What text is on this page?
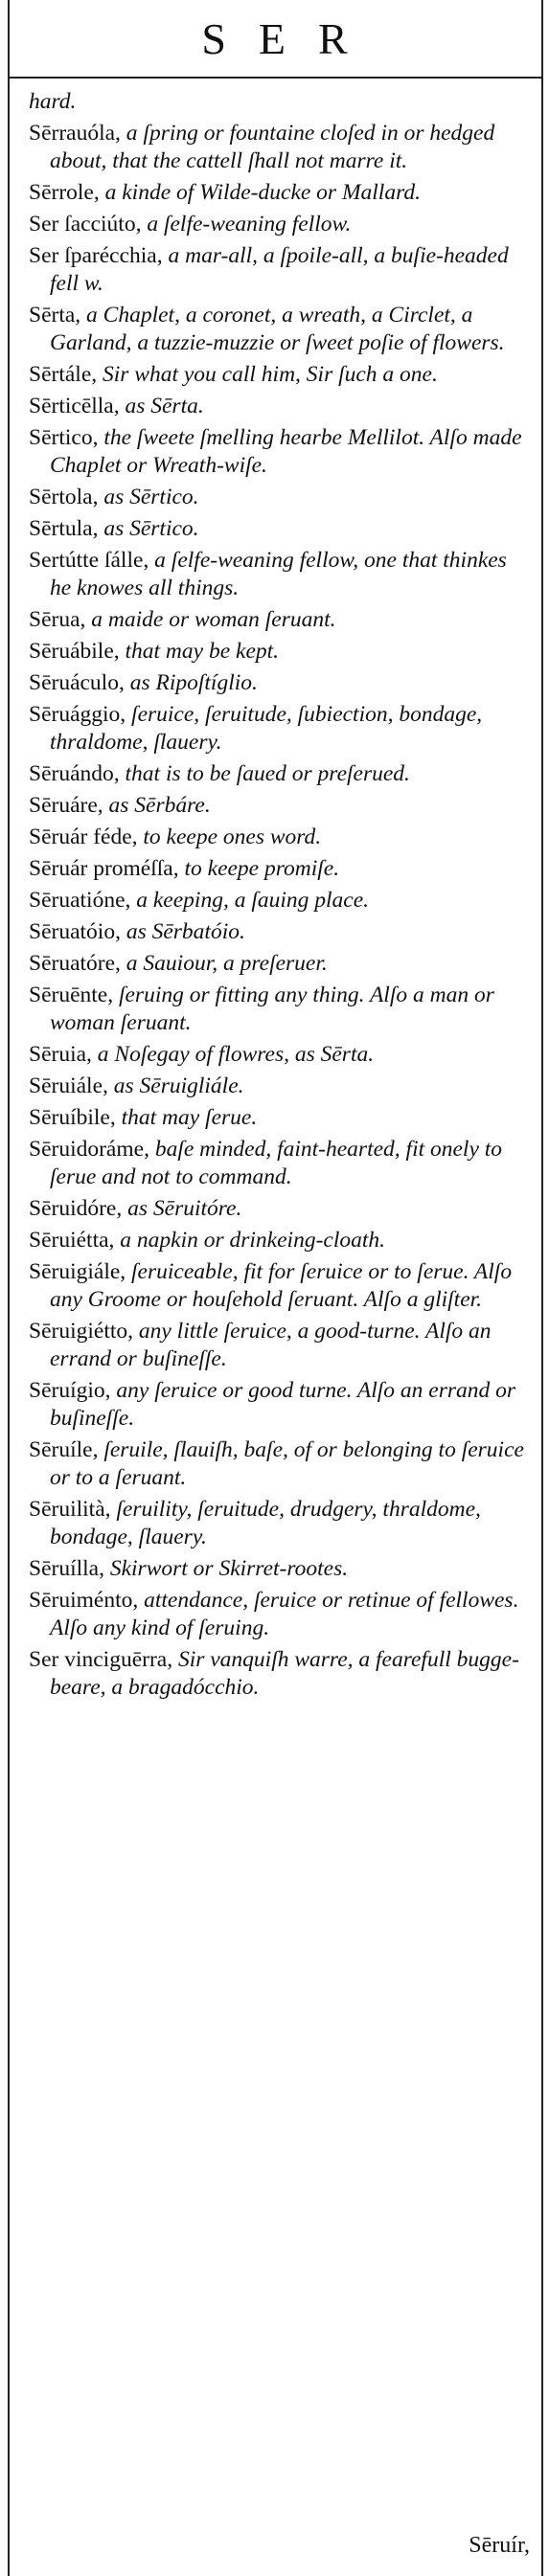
SER
hard.
Sērrauóla, a ſpring or fountaine cloſed in or hedged about, that the cattell ſhall not marre it.
Sērrole, a kinde of Wilde-ducke or Mallard.
Ser ſacciúto, a ſelfe-weaning fellow.
Ser ſparécchia, a mar-all, a ſpoile-all, a buſie-headed fell w.
Sērta, a Chaplet, a coronet, a wreath, a Circlet, a Garland, a tuzzie-muzzie or ſweet poſie of flowers.
Sērtále, Sir what you call him, Sir ſuch a one.
Sērticēlla, as Sērta.
Sērtico, the ſweete ſmelling hearbe Mellilot. Alſo made Chaplet or Wreath-wiſe.
Sērtola, as Sērtico.
Sērtula, as Sērtico.
Sertútte ſálle, a ſelfe-weaning fellow, one that thinkes he knowes all things.
Sēruа, a maide or woman ſeruant.
Sēruábile, that may be kept.
Sēruáculo, as Ripoſtíglio.
Sēruággio, ſeruice, ſeruitude, ſubiection, bondage, thraldome, ſlauery.
Sēruándo, that is to be ſaued or preſerued.
Sēruáre, as Sērbáre.
Sēruár féde, to keepe ones word.
Sēruár proméſſa, to keepe promiſe.
Sēruatióne, a keeping, a ſauing place.
Sēruatóio, as Sērbatóio.
Sēruatóre, a Sauiour, a preſeruer.
Sēruēnte, ſeruing or fitting any thing. Alſo a man or woman ſeruant.
Sēruia, a Noſegay of flowres, as Sērta.
Sēruiále, as Sēruigliále.
Sēruíbile, that may ſerue.
Sēruidoráme, baſe minded, faint-hearted, fit onely to ſerue and not to command.
Sēruidóre, as Sēruitóre.
Sēruiétta, a napkin or drinkeing-cloath.
Sēruigiále, ſeruiceable, fit for ſeruice or to ſerue. Alſo any Groome or houſehold ſeruant. Alſo a gliſter.
Sēruigiétto, any little ſeruice, a good-turne. Alſo an errand or buſineſſe.
Sēruígio, any ſeruice or good turne. Alſo an errand or buſineſſe.
Sēruíle, ſeruile, ſlauiſh, baſe, of or belonging to ſeruice or to a ſeruant.
Sēruilità, ſeruility, ſeruitude, drudgery, thraldome, bondage, ſlauery.
Sēruílla, Skirwort or Skirret-rootes.
Sēruiménto, attendance, ſeruice or retinue of fellowes. Alſo any kind of ſeruing.
Ser vinciguērra, Sir vanquiſh warre, a fearefull bugge-beare, a bragadócchio.
Sēruír,
